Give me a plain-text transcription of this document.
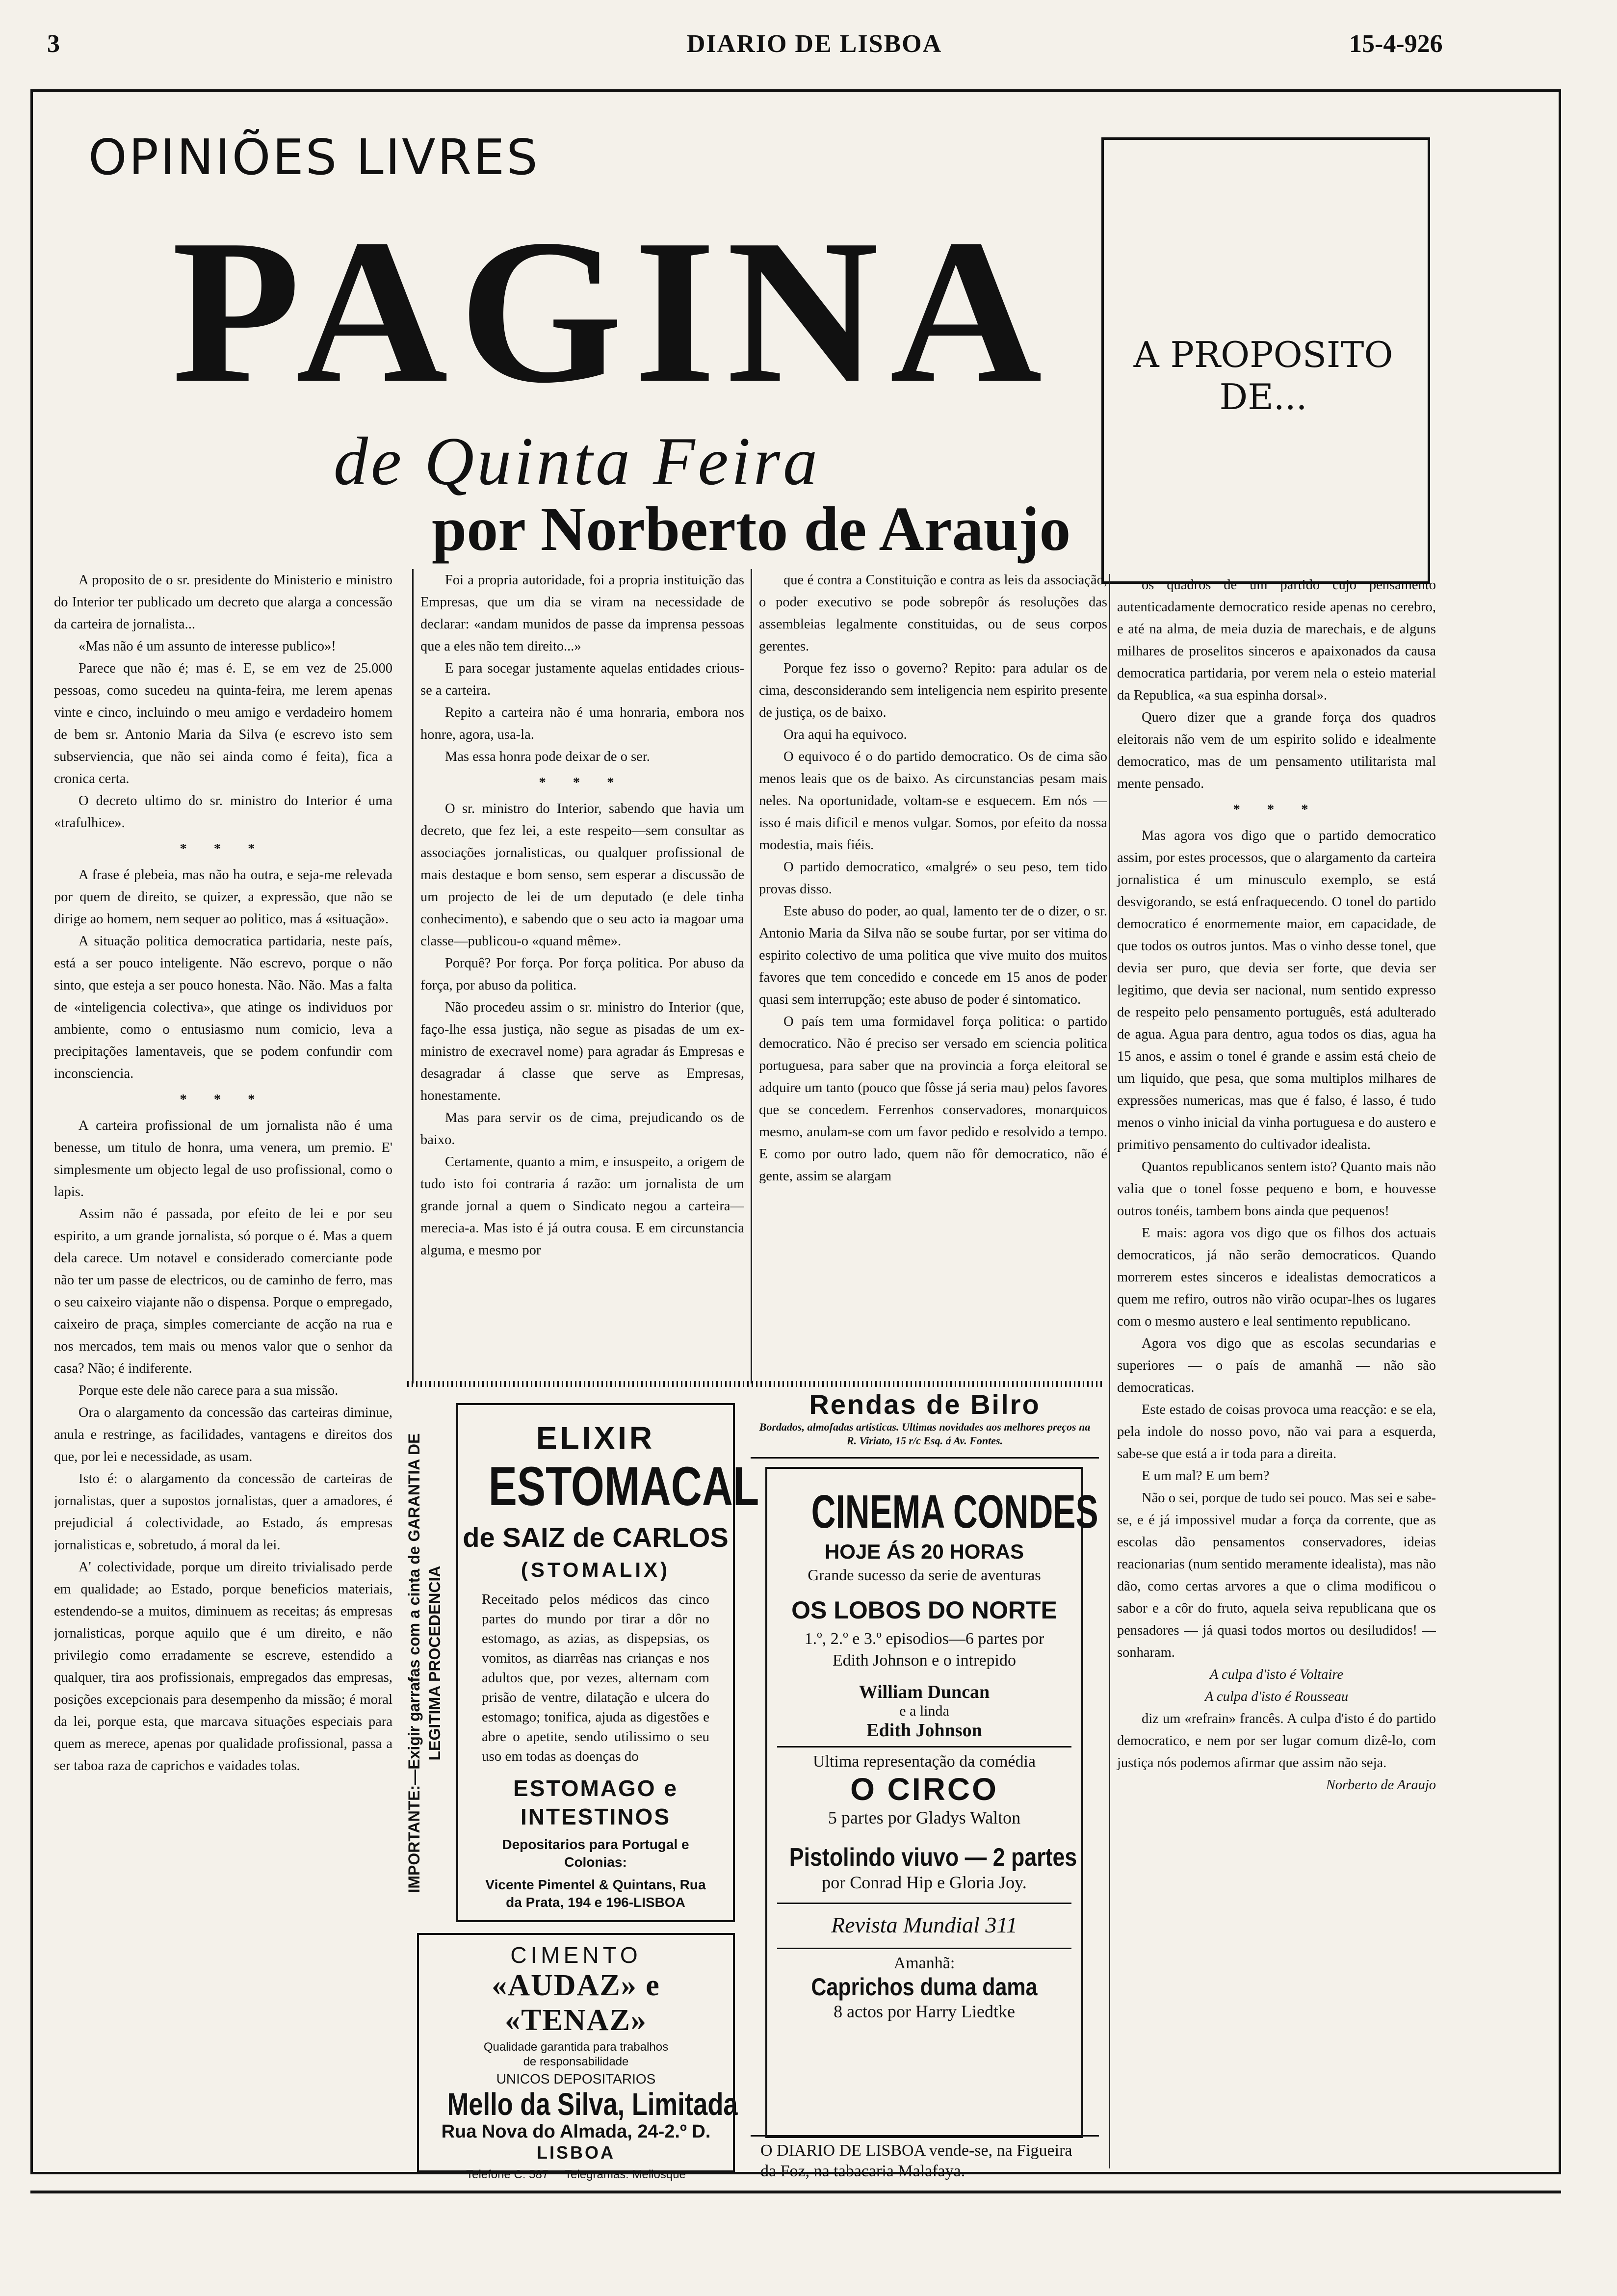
3	DIARIO DE LISBOA	15-4-926
OPINIÕES LIVRES
PAGINA
de Quinta Feira
por Norberto de Araujo
A PROPOSITO DE...

A proposito de o sr. presidente do Ministerio e ministro do Interior ter publicado um decreto que alarga a concessão da carteira de jornalista...

«Mas não é um assunto de interesse publico»!

Parece que não é; mas é. E, se em vez de 25.000 pessoas, como sucedeu na quinta-feira, me lerem apenas vinte e cinco, incluindo o meu amigo e verdadeiro homem de bem sr. Antonio Maria da Silva (e escrevo isto sem subserviencia, que não sei ainda como é feita), fica a cronica certa.

O decreto ultimo do sr. ministro do Interior é uma «trafulhice».

* * *

A frase é plebeia, mas não ha outra, e seja-me relevada por quem de direito, se quizer, a expressão, que não se dirige ao homem, nem sequer ao politico, mas á «situação».

A situação politica democratica partidaria, neste país, está a ser pouco inteligente. Não escrevo, porque o não sinto, que esteja a ser pouco honesta. Não. Não. Mas a falta de «inteligencia colectiva», que atinge os individuos por ambiente, como o entusiasmo num comicio, leva a precipitações lamentaveis, que se podem confundir com inconsciencia.

* * *

A carteira profissional de um jornalista não é uma benesse, um titulo de honra, uma venera, um premio. E' simplesmente um objecto legal de uso profissional, como o lapis.

Assim não é passada, por efeito de lei e por seu espirito, a um grande jornalista, só porque o é. Mas a quem dela carece. Um notavel e considerado comerciante pode não ter um passe de electricos, ou de caminho de ferro, mas o seu caixeiro viajante não o dispensa. Porque o empregado, caixeiro de praça, simples comerciante de acção na rua e nos mercados, tem mais ou menos valor que o senhor da casa? Não; é indiferente.

Porque este dele não carece para a sua missão.

Ora o alargamento da concessão das carteiras diminue, anula e restringe, as facilidades, vantagens e direitos dos que, por lei e necessidade, as usam.

Isto é: o alargamento da concessão de carteiras de jornalistas, quer a supostos jornalistas, quer a amadores, é prejudicial á colectividade, ao Estado, ás empresas jornalisticas e, sobretudo, á moral da lei.

A' colectividade, porque um direito trivialisado perde em qualidade; ao Estado, porque beneficios materiais, estendendo-se a muitos, diminuem as receitas; ás empresas jornalisticas, porque aquilo que é um direito, e não privilegio como erradamente se escreve, estendido a qualquer, tira aos profissionais, empregados das empresas, posições excepcionais para desempenho da missão; é moral da lei, porque esta, que marcava situações especiais para quem as merece, apenas por qualidade profissional, passa a ser taboa raza de caprichos e vaidades tolas.

Foi a propria autoridade, foi a propria instituição das Empresas, que um dia se viram na necessidade de declarar: «andam munidos de passe da imprensa pessoas que a eles não tem direito...»

E para socegar justamente aquelas entidades crious-se a carteira.

Repito a carteira não é uma honraria, embora nos honre, agora, usa-la.

Mas essa honra pode deixar de o ser.

* * *

O sr. ministro do Interior, sabendo que havia um decreto, que fez lei, a este respeito—sem consultar as associações jornalisticas, ou qualquer profissional de mais destaque e bom senso, sem esperar a discussão de um projecto de lei de um deputado (e dele tinha conhecimento), e sabendo que o seu acto ia magoar uma classe—publicou-o «quand même».

Porquê? Por força. Por força politica. Por abuso da força, por abuso da politica.

Não procedeu assim o sr. ministro do Interior (que, faço-lhe essa justiça, não segue as pisadas de um ex-ministro de execravel nome) para agradar ás Empresas e desagradar á classe que serve as Empresas, honestamente.

Mas para servir os de cima, prejudicando os de baixo.

Certamente, quanto a mim, e insuspeito, a origem de tudo isto foi contraria á razão: um jornalista de um grande jornal a quem o Sindicato negou a carteira—merecia-a. Mas isto é já outra cousa. E em circunstancia alguma, e mesmo por

que é contra a Constituição e contra as leis da associação, o poder executivo se pode sobrepôr ás resoluções das assembleias legalmente constituidas, ou de seus corpos gerentes.

Porque fez isso o governo? Repito: para adular os de cima, desconsiderando sem inteligencia nem espirito presente de justiça, os de baixo.

Ora aqui ha equivoco.

O equivoco é o do partido democratico. Os de cima são menos leais que os de baixo. As circunstancias pesam mais neles. Na oportunidade, voltam-se e esquecem. Em nós — isso é mais dificil e menos vulgar. Somos, por efeito da nossa modestia, mais fiéis.

O partido democratico, «malgré» o seu peso, tem tido provas disso.

Este abuso do poder, ao qual, lamento ter de o dizer, o sr. Antonio Maria da Silva não se soube furtar, por ser vitima do espirito colectivo de uma politica que vive muito dos muitos favores que tem concedido e concede em 15 anos de poder quasi sem interrupção; este abuso de poder é sintomatico.

O país tem uma formidavel força politica: o partido democratico. Não é preciso ser versado em sciencia politica portuguesa, para saber que na provincia a força eleitoral se adquire um tanto (pouco que fôsse já seria mau) pelos favores que se concedem. Ferrenhos conservadores, monarquicos mesmo, anulam-se com um favor pedido e resolvido a tempo. E como por outro lado, quem não fôr democratico, não é gente, assim se alargam

os quadros de um partido cujo pensamento autenticadamente democratico reside apenas no cerebro, e até na alma, de meia duzia de marechais, e de alguns milhares de proselitos sinceros e apaixonados da causa democratica partidaria, por verem nela o esteio material da Republica, «a sua espinha dorsal».

Quero dizer que a grande força dos quadros eleitorais não vem de um espirito solido e idealmente democratico, mas de um pensamento utilitarista mal mente pensado.

* * *

Mas agora vos digo que o partido democratico assim, por estes processos, que o alargamento da carteira jornalistica é um minusculo exemplo, se está desvigorando, se está enfraquecendo. O tonel do partido democratico é enormemente maior, em capacidade, de que todos os outros juntos. Mas o vinho desse tonel, que devia ser puro, que devia ser forte, que devia ser legitimo, que devia ser nacional, num sentido expresso de respeito pelo pensamento português, está adulterado de agua. Agua para dentro, agua todos os dias, agua ha 15 anos, e assim o tonel é grande e assim está cheio de um liquido, que pesa, que soma multiplos milhares de expressões numericas, mas que é falso, é lasso, é tudo menos o vinho inicial da vinha portuguesa e do austero e primitivo pensamento do cultivador idealista.

Quantos republicanos sentem isto? Quanto mais não valia que o tonel fosse pequeno e bom, e houvesse outros tonéis, tambem bons ainda que pequenos!

E mais: agora vos digo que os filhos dos actuais democraticos, já não serão democraticos. Quando morrerem estes sinceros e idealistas democraticos a quem me refiro, outros não virão ocupar-lhes os lugares com o mesmo austero e leal sentimento republicano.

Agora vos digo que as escolas secundarias e superiores — o país de amanhã — não são democraticas.

Este estado de coisas provoca uma reacção: e se ela, pela indole do nosso povo, não vai para a esquerda, sabe-se que está a ir toda para a direita.

E um mal? E um bem?

Não o sei, porque de tudo sei pouco. Mas sei e sabe-se, e é já impossivel mudar a força da corrente, que as escolas dão pensamentos conservadores, ideias reacionarias (num sentido meramente idealista), mas não dão, como certas arvores a que o clima modificou o sabor e a côr do fruto, aquela seiva republicana que os pensadores — já quasi todos mortos ou desiludidos! — sonharam.

A culpa d'isto é Voltaire

A culpa d'isto é Rousseau

diz um «refrain» francês. A culpa d'isto é do partido democratico, e nem por ser lugar comum dizê-lo, com justiça nós podemos afirmar que assim não seja.

Norberto de Araujo

IMPORTANTE:—Exigir garrafas com a cinta de GARANTIA DE LEGITIMA PROCEDENCIA
ELIXIR
ESTOMACAL
de SAIZ de CARLOS
(STOMALIX)
Receitado pelos médicos das cinco partes do mundo por tirar a dôr no estomago, as azias, as dispepsias, os vomitos, as diarrêas nas crianças e nos adultos que, por vezes, alternam com prisão de ventre, dilatação e ulcera do estomago; tonifica, ajuda as digestões e abre o apetite, sendo utilissimo o seu uso em todas as doenças do
ESTOMAGO e INTESTINOS
Depositarios para Portugal e Colonias:
Vicente Pimentel & Quintans, Rua da Prata, 194 e 196-LISBOA
CIMENTO
«AUDAZ» e «TENAZ»
Qualidade garantida para trabalhos de responsabilidade
UNICOS DEPOSITARIOS
Mello da Silva, Limitada
Rua Nova do Almada, 24-2.º D.
LISBOA
Telefone C. 587     Telegramas: Mellosque
Rendas de Bilro
Bordados, almofadas artisticas. Ultimas novidades aos melhores preços na R. Viriato, 15 r/c Esq. á Av. Fontes.
CINEMA CONDES
HOJE ÁS 20 HORAS
Grande sucesso da serie de aventuras
OS LOBOS DO NORTE
1.º, 2.º e 3.º episodios—6 partes por Edith Johnson e o intrepido
William Duncan
e a linda
Edith Johnson
Ultima representação da comédia
O CIRCO
5 partes por Gladys Walton
Pistolindo viuvo — 2 partes
por Conrad Hip e Gloria Joy.
Revista Mundial 311
Amanhã:
Caprichos duma dama
8 actos por Harry Liedtke
O DIARIO DE LISBOA vende-se, na Figueira da Foz, na tabacaria Malafaya.
